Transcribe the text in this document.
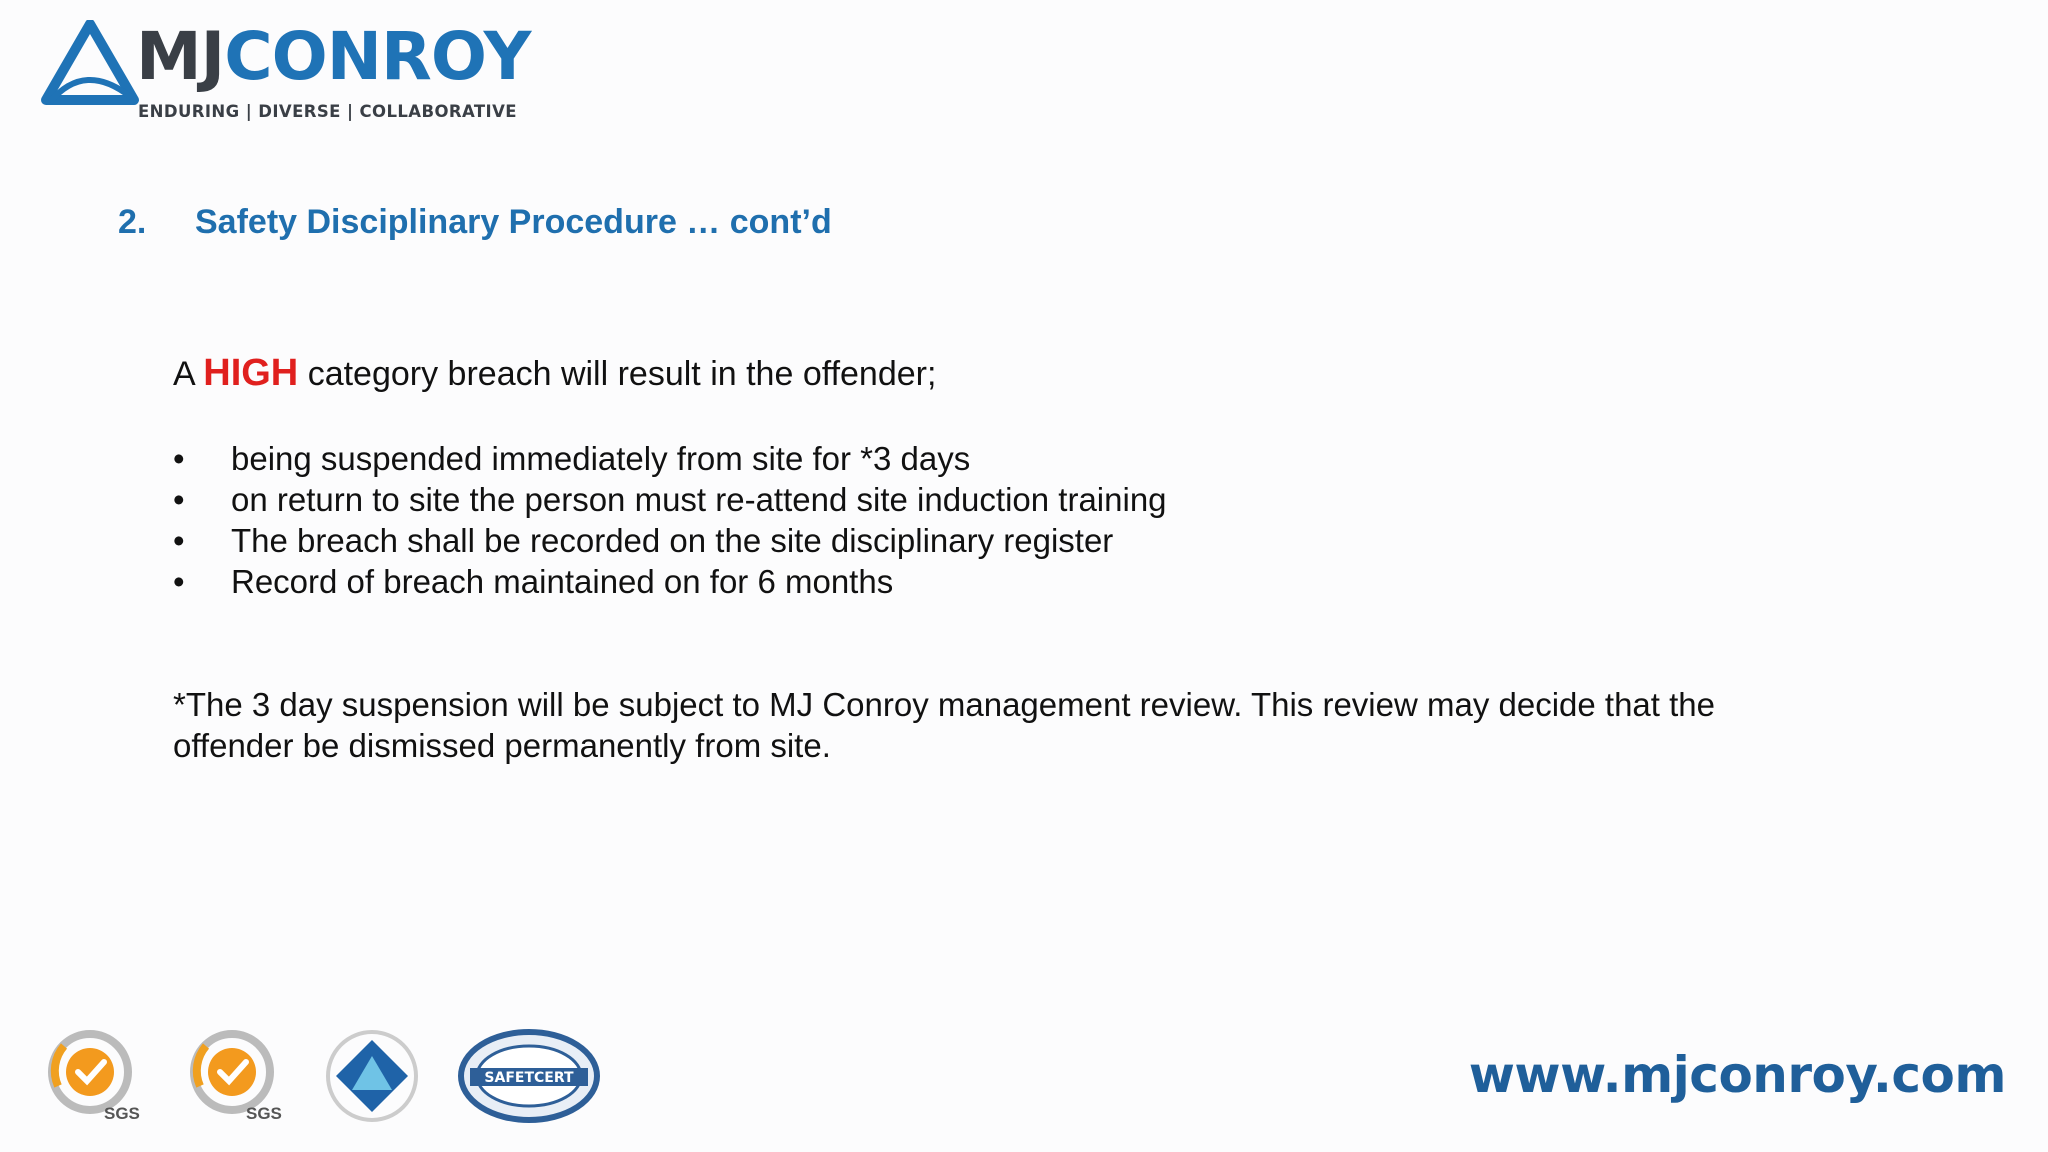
MJCONROY
ENDURING | DIVERSE | COLLABORATIVE
2. Safety Disciplinary Procedure … cont’d
A HIGH category breach will result in the offender;
• being suspended immediately from site for *3 days
• on return to site the person must re-attend site induction training
• The breach shall be recorded on the site disciplinary register
• Record of breach maintained on for 6 months
*The 3 day suspension will be subject to MJ Conroy management review. This review may decide that the offender be dismissed permanently from site.
SGS	SGS
SAFETCERT	www.mjconroy.com
